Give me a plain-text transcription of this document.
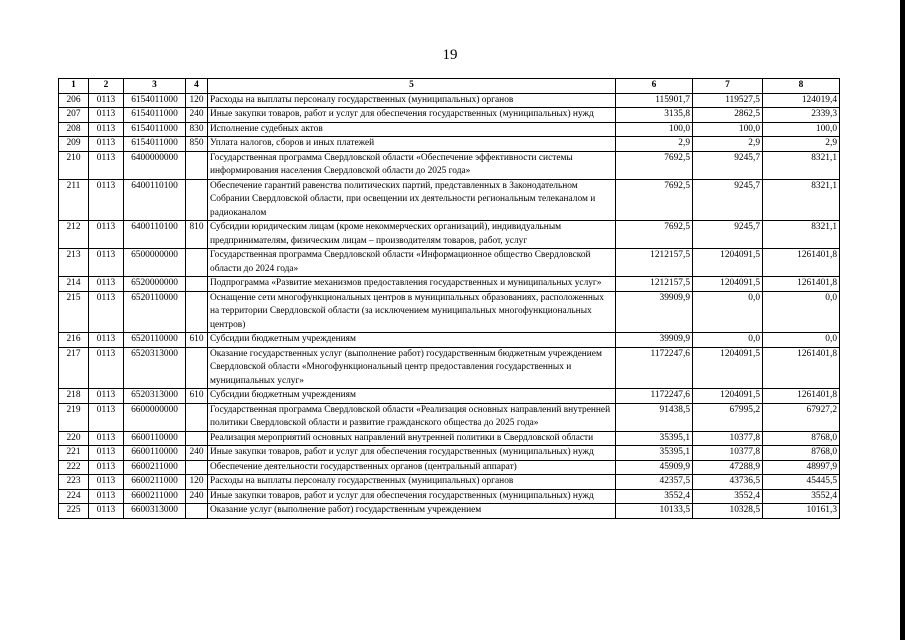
19
1	2	3	4	5	6	7	8
206	0113	6154011000	120	Расходы на выплаты персоналу государственных (муниципальных) органов	115901,7	119527,5	124019,4
207	0113	6154011000	240	Иные закупки товаров, работ и услуг для обеспечения государственных (муниципальных) нужд	3135,8	2862,5	2339,3
208	0113	6154011000	830	Исполнение судебных актов	100,0	100,0	100,0
209	0113	6154011000	850	Уплата налогов, сборов и иных платежей	2,9	2,9	2,9
210	0113	6400000000		Государственная программа Свердловской области «Обеспечение эффективности системы информирования населения Свердловской области до 2025 года»	7692,5	9245,7	8321,1
211	0113	6400110100		Обеспечение гарантий равенства политических партий, представленных в Законодательном Собрании Свердловской области, при освещении их деятельности региональным телеканалом и радиоканалом	7692,5	9245,7	8321,1
212	0113	6400110100	810	Субсидии юридическим лицам (кроме некоммерческих организаций), индивидуальным предпринимателям, физическим лицам – производителям товаров, работ, услуг	7692,5	9245,7	8321,1
213	0113	6500000000		Государственная программа Свердловской области «Информационное общество Свердловской области до 2024 года»	1212157,5	1204091,5	1261401,8
214	0113	6520000000		Подпрограмма «Развитие механизмов предоставления государственных и муниципальных услуг»	1212157,5	1204091,5	1261401,8
215	0113	6520110000		Оснащение сети многофункциональных центров в муниципальных образованиях, расположенных на территории Свердловской области (за исключением муниципальных многофункциональных центров)	39909,9	0,0	0,0
216	0113	6520110000	610	Субсидии бюджетным учреждениям	39909,9	0,0	0,0
217	0113	6520313000		Оказание государственных услуг (выполнение работ) государственным бюджетным учреждением Свердловской области «Многофункциональный центр предоставления государственных и муниципальных услуг»	1172247,6	1204091,5	1261401,8
218	0113	6520313000	610	Субсидии бюджетным учреждениям	1172247,6	1204091,5	1261401,8
219	0113	6600000000		Государственная программа Свердловской области «Реализация основных направлений внутренней политики Свердловской области и развитие гражданского общества до 2025 года»	91438,5	67995,2	67927,2
220	0113	6600110000		Реализация мероприятий основных направлений внутренней политики в Свердловской области	35395,1	10377,8	8768,0
221	0113	6600110000	240	Иные закупки товаров, работ и услуг для обеспечения государственных (муниципальных) нужд	35395,1	10377,8	8768,0
222	0113	6600211000		Обеспечение деятельности государственных органов (центральный аппарат)	45909,9	47288,9	48997,9
223	0113	6600211000	120	Расходы на выплаты персоналу государственных (муниципальных) органов	42357,5	43736,5	45445,5
224	0113	6600211000	240	Иные закупки товаров, работ и услуг для обеспечения государственных (муниципальных) нужд	3552,4	3552,4	3552,4
225	0113	6600313000		Оказание услуг (выполнение работ) государственным учреждением	10133,5	10328,5	10161,3
